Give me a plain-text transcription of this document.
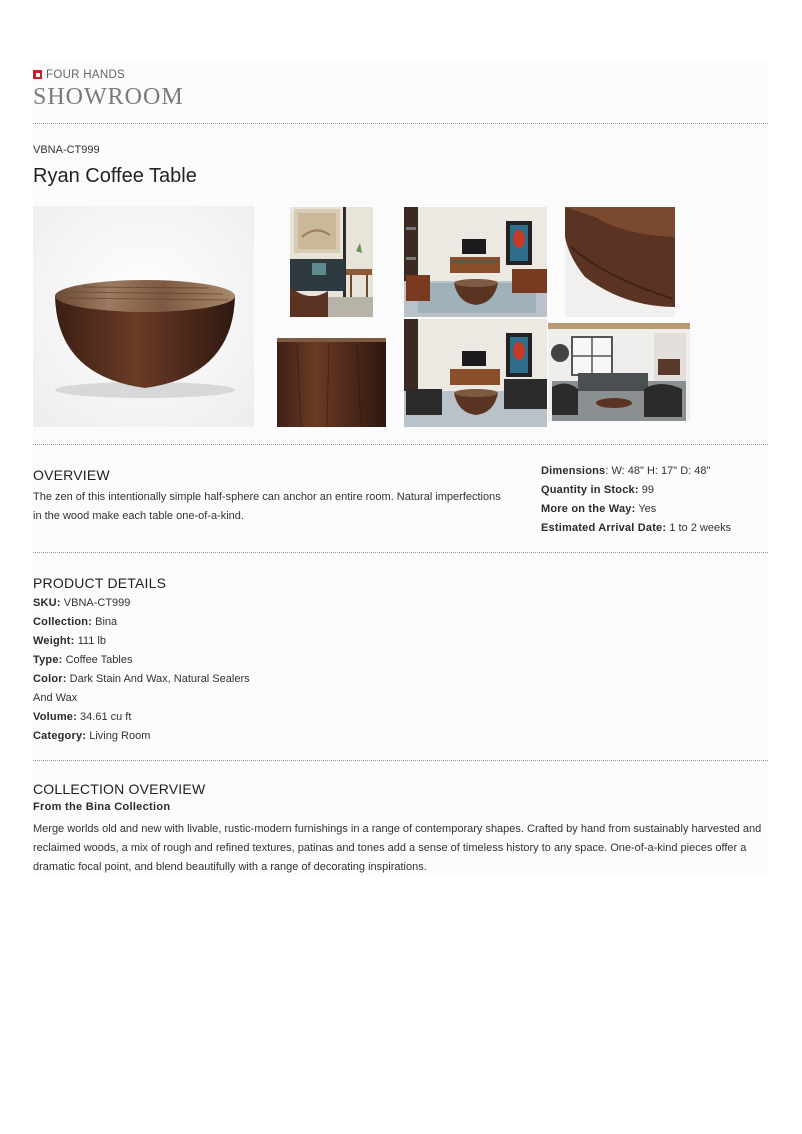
FOUR HANDS
SHOWROOM
VBNA-CT999
Ryan Coffee Table
OVERVIEW
The zen of this intentionally simple half-sphere can anchor an entire room. Natural imperfections
in the wood make each table one-of-a-kind.
Dimensions: W: 48" H: 17" D: 48"
Quantity in Stock: 99
More on the Way: Yes
Estimated Arrival Date: 1 to 2 weeks
PRODUCT DETAILS
SKU: VBNA-CT999
Collection: Bina
Weight: 111 lb
Type: Coffee Tables
Color: Dark Stain And Wax, Natural Sealers
And Wax
Volume: 34.61 cu ft
Category: Living Room
COLLECTION OVERVIEW
From the Bina Collection
Merge worlds old and new with livable, rustic-modern furnishings in a range of contemporary shapes. Crafted by hand from sustainably harvested and
reclaimed woods, a mix of rough and refined textures, patinas and tones add a sense of timeless history to any space. One-of-a-kind pieces offer a
dramatic focal point, and blend beautifully with a range of decorating inspirations.
